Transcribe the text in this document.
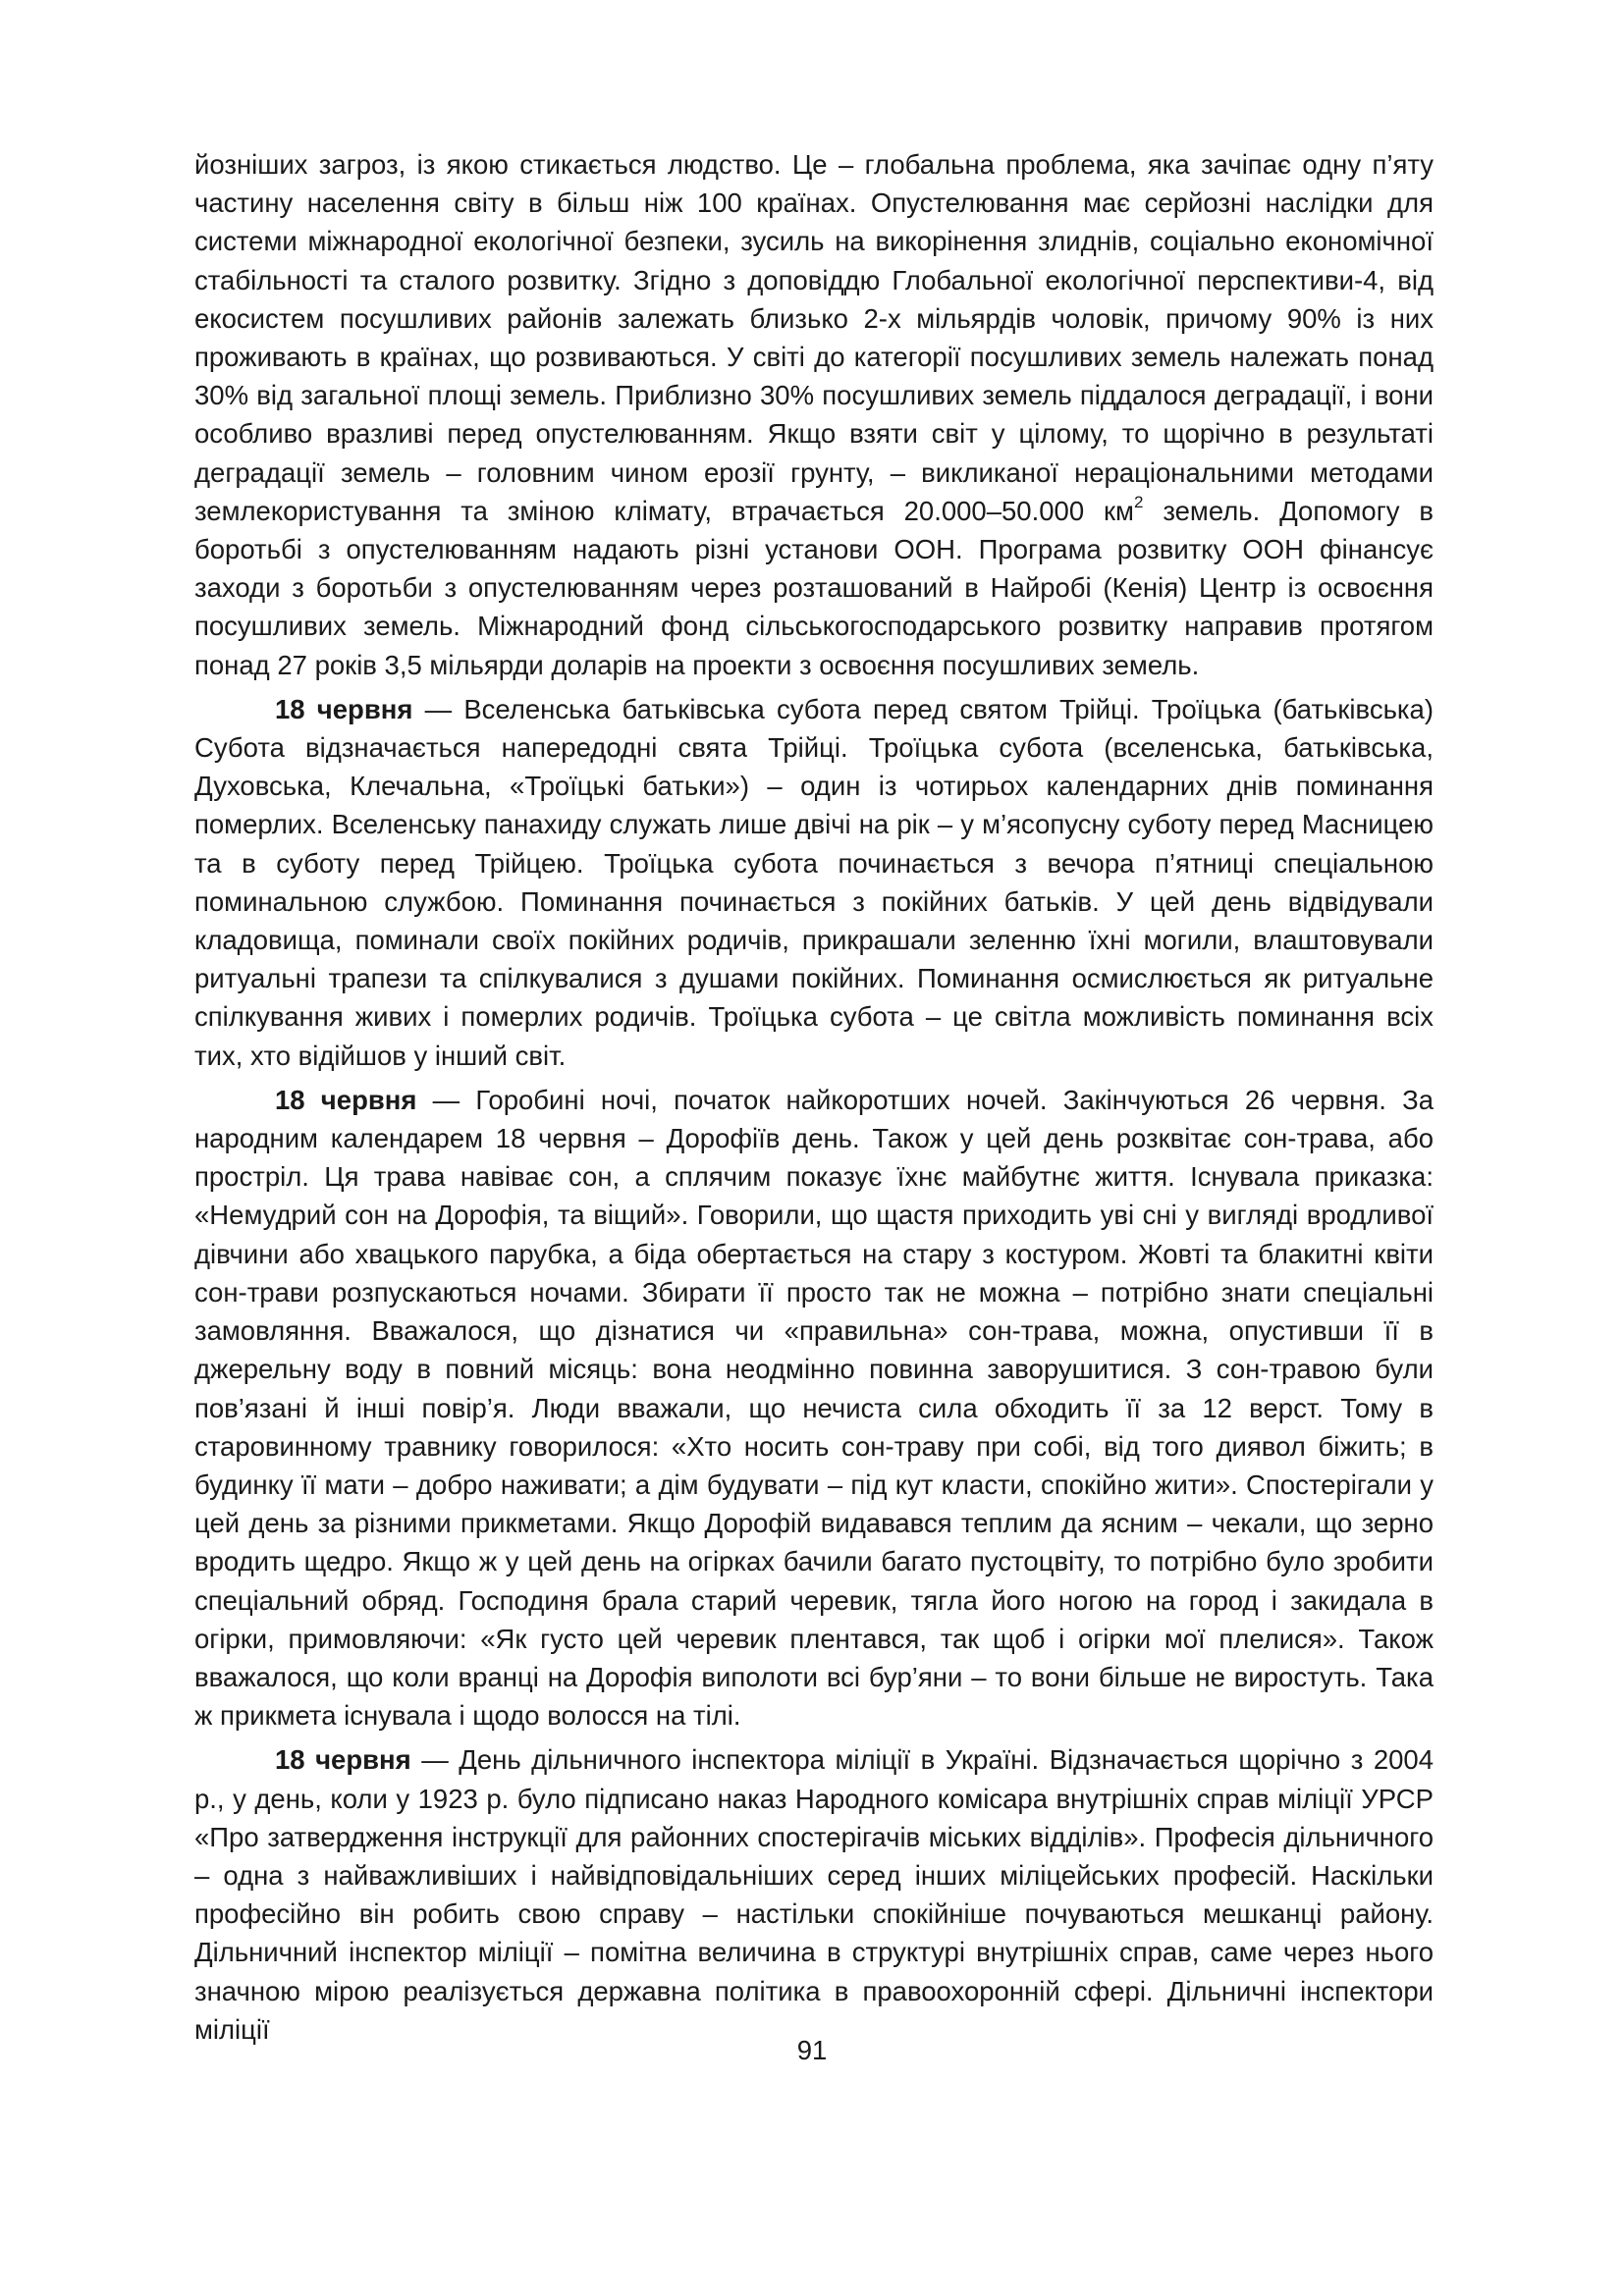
йозніших загроз, із якою стикається людство. Це – глобальна проблема, яка зачіпає одну п’яту частину населення світу в більш ніж 100 країнах. Опустелювання має серйозні наслідки для системи міжнародної екологічної безпеки, зусиль на викорінення злиднів, соціально економічної стабільності та сталого розвитку. Згідно з доповіддю Глобальної екологічної перспективи-4, від екосистем посушливих районів залежать близько 2-х мільярдів чоловік, причому 90% із них проживають в країнах, що розвиваються. У світі до категорії посушливих земель належать понад 30% від загальної площі земель. Приблизно 30% посушливих земель піддалося деградації, і вони особливо вразливі перед опустелюванням. Якщо взяти світ у цілому, то щорічно в результаті деградації земель – головним чином ерозії грунту, – викликаної нераціональними методами землекористування та зміною клімату, втрачається 20.000–50.000 $км^2$ земель. Допомогу в боротьбі з опустелюванням надають різні установи ООН. Програма розвитку ООН фінансує заходи з боротьби з опустелюванням через розташований в Найробі (Кенія) Центр із освоєння посушливих земель. Міжнародний фонд сільськогосподарського розвитку направив протягом понад 27 років 3,5 мільярди доларів на проекти з освоєння посушливих земель.

18 червня — Вселенська батьківська субота перед святом Трійці. Троїцька (батьківська) Субота відзначається напередодні свята Трійці. Троїцька субота (вселенська, батьківська, Духовська, Клечальна, «Троїцькі батьки») – один із чотирьох календарних днів поминання померлих. Вселенську панахиду служать лише двічі на рік – у м’ясопусну суботу перед Масницею та в суботу перед Трійцею. Троїцька субота починається з вечора п’ятниці спеціальною поминальною службою. Поминання починається з покійних батьків. У цей день відвідували кладовища, поминали своїх покійних родичів, прикрашали зеленню їхні могили, влаштовували ритуальні трапези та спілкувалися з душами покійних. Поминання осмислюється як ритуальне спілкування живих і померлих родичів. Троїцька субота – це світла можливість поминання всіх тих, хто відійшов у інший світ.

18 червня — Горобині ночі, початок найкоротших ночей. Закінчуються 26 червня. За народним календарем 18 червня – Дорофіїв день. Також у цей день розквітає сон-трава, або прострiл. Ця трава навіває сон, а сплячим показує їхнє майбутнє життя. Існувала приказка: «Немудрий сон на Дорофія, та віщий». Говорили, що щастя приходить уві сні у вигляді вродливої дівчини або хвацького парубка, а біда обертається на стару з костуром. Жовті та блакитні квіти сон-трави розпускаються ночами. Збирати її просто так не можна – потрібно знати спеціальні замовляння. Вважалося, що дізнатися чи «правильна» сон-трава, можна, опустивши її в джерельну воду в повний місяць: вона неодмінно повинна заворушитися. З сон-травою були пов’язані й інші повір’я. Люди вважали, що нечиста сила обходить її за 12 верст. Тому в старовинному травнику говорилося: «Хто носить сон-траву при собі, від того диявол біжить; в будинку її мати – добро наживати; а дім будувати – під кут класти, спокійно жити». Спостерігали у цей день за різними прикметами. Якщо Дорофій видавався теплим да ясним – чекали, що зерно вродить щедро. Якщо ж у цей день на огірках бачили багато пустоцвіту, то потрібно було зробити спеціальний обряд. Господиня брала старий черевик, тягла його ногою на город і закидала в огірки, примовляючи: «Як густо цей черевик плентався, так щоб і огірки мої плелися». Також вважалося, що коли вранці на Дорофія виполоти всі бур’яни – то вони більше не виростуть. Така ж прикмета існувала і щодо волосся на тілі.

18 червня — День дільничного інспектора міліції в Україні. Відзначається щорічно з 2004 р., у день, коли у 1923 р. було підписано наказ Народного комісара внутрішніх справ міліції УРСР «Про затвердження інструкції для районних спостерігачів міських відділів». Професія дільничного – одна з найважливіших і найвідповідальніших серед інших міліцейських професій. Наскільки професійно він робить свою справу – настільки спокійніше почуваються мешканці району. Дільничний інспектор міліції – помітна величина в структурі внутрішніх справ, саме через нього значною мірою реалізується державна політика в правоохоронній сфері. Дільничні інспектори міліції

91
